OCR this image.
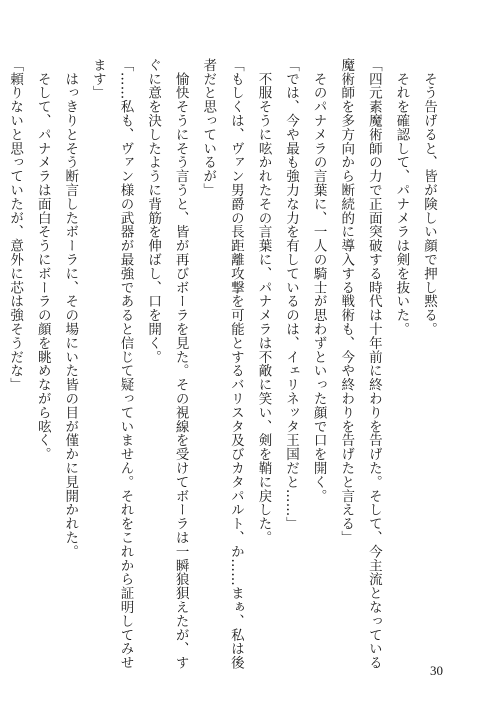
　そう告げると、皆が険しい顔で押し黙る。
　それを確認して、パナメラは剣を抜いた。
「四元素魔術師の力で正面突破する時代は十年前に終わりを告げた。そして、今主流となっている
魔術師を多方向から断続的に導入する戦術も、今や終わりを告げたと言える」
　そのパナメラの言葉に、一人の騎士が思わずといった顔で口を開く。
「では、今や最も強力な力を有しているのは、イェリネッタ王国だと……」
　不服そうに呟かれたその言葉に、パナメラは不敵に笑い、剣を鞘に戻した。
「もしくは、ヴァン男爵の長距離攻撃を可能とするバリスタ及びカタパルト、か……まぁ、私は後
者だと思っているが」
　愉快そうにそう言うと、皆が再びボーラを見た。その視線を受けてボーラは一瞬狼狽えたが、す
ぐに意を決したように背筋を伸ばし、口を開く。
「……私も、ヴァン様の武器が最強であると信じて疑っていません。それをこれから証明してみせ
ます」
　はっきりとそう断言したボーラに、その場にいた皆の目が僅かに見開かれた。
　そして、パナメラは面白そうにボーラの顔を眺めながら呟く。
「頼りないと思っていたが、意外に芯は強そうだな」
30
